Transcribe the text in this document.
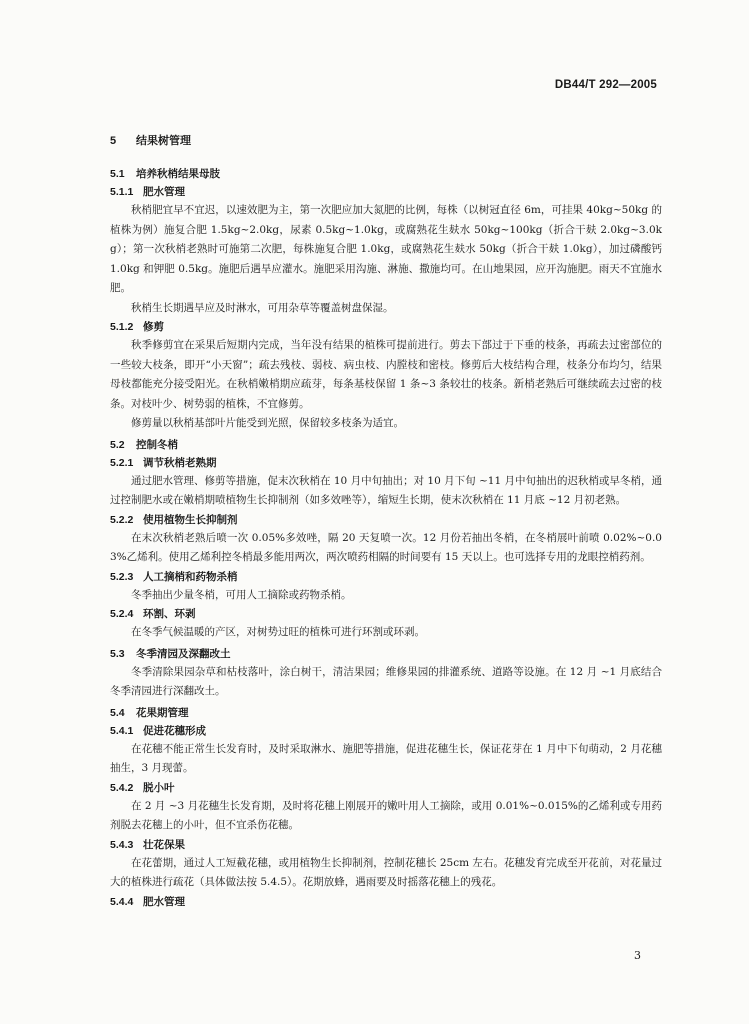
DB44/T 292—2005
5 结果树管理
5.1 培养秋梢结果母肢
5.1.1 肥水管理

秋梢肥宜早不宜迟，以速效肥为主，第一次肥应加大氮肥的比例，每株（以树冠直径 6m，可挂果 40kg~50kg 的植株为例）施复合肥 1.5kg~2.0kg，尿素 0.5kg~1.0kg，或腐熟花生麸水 50kg~100kg（折合干麸 2.0kg~3.0kg）；第一次秋梢老熟时可施第二次肥，每株施复合肥 1.0kg，或腐熟花生麸水 50kg（折合干麸 1.0kg），加过磷酸钙 1.0kg 和钾肥 0.5kg。施肥后遇旱应灌水。施肥采用沟施、淋施、撒施均可。在山地果园，应开沟施肥。雨天不宜施水肥。

秋梢生长期遇旱应及时淋水，可用杂草等覆盖树盘保湿。

5.1.2 修剪

秋季修剪宜在采果后短期内完成，当年没有结果的植株可提前进行。剪去下部过于下垂的枝条，再疏去过密部位的一些较大枝条，即开“小天窗”；疏去残枝、弱枝、病虫枝、内膛枝和密枝。修剪后大枝结构合理，枝条分布均匀，结果母枝都能充分接受阳光。在秋梢嫩梢期应疏芽，每条基枝保留 1 条~3 条较壮的枝条。新梢老熟后可继续疏去过密的枝条。对枝叶少、树势弱的植株，不宜修剪。

修剪量以秋梢基部叶片能受到光照，保留较多枝条为适宜。

5.2 控制冬梢
5.2.1 调节秋梢老熟期

通过肥水管理、修剪等措施，促末次秋梢在 10 月中旬抽出；对 10 月下旬 ~11 月中旬抽出的迟秋梢或早冬梢，通过控制肥水或在嫩梢期喷植物生长抑制剂（如多效唑等），缩短生长期，使末次秋梢在 11 月底 ~12 月初老熟。

5.2.2 使用植物生长抑制剂

在末次秋梢老熟后喷一次 0.05%多效唑，隔 20 天复喷一次。12 月份若抽出冬梢，在冬梢展叶前喷 0.02%~0.03%乙烯利。使用乙烯利控冬梢最多能用两次，两次喷药相隔的时间要有 15 天以上。也可选择专用的龙眼控梢药剂。

5.2.3 人工摘梢和药物杀梢

冬季抽出少量冬梢，可用人工摘除或药物杀梢。

5.2.4 环割、环剥

在冬季气候温暖的产区，对树势过旺的植株可进行环割或环剥。

5.3 冬季清园及深翻改土

冬季清除果园杂草和枯枝落叶，涂白树干，清洁果园；维修果园的排灌系统、道路等设施。在 12 月 ~1 月底结合冬季清园进行深翻改土。

5.4 花果期管理
5.4.1 促进花穗形成

在花穗不能正常生长发育时，及时采取淋水、施肥等措施，促进花穗生长，保证花芽在 1 月中下旬萌动，2 月花穗抽生，3 月现蕾。

5.4.2 脱小叶

在 2 月 ~3 月花穗生长发育期，及时将花穗上刚展开的嫩叶用人工摘除，或用 0.01%~0.015%的乙烯利或专用药剂脱去花穗上的小叶，但不宜杀伤花穗。

5.4.3 壮花保果

在花蕾期，通过人工短截花穗，或用植物生长抑制剂，控制花穗长 25cm 左右。花穗发育完成至开花前，对花量过大的植株进行疏花（具体做法按 5.4.5）。花期放蜂，遇雨要及时摇落花穗上的残花。

5.4.4 肥水管理
3
